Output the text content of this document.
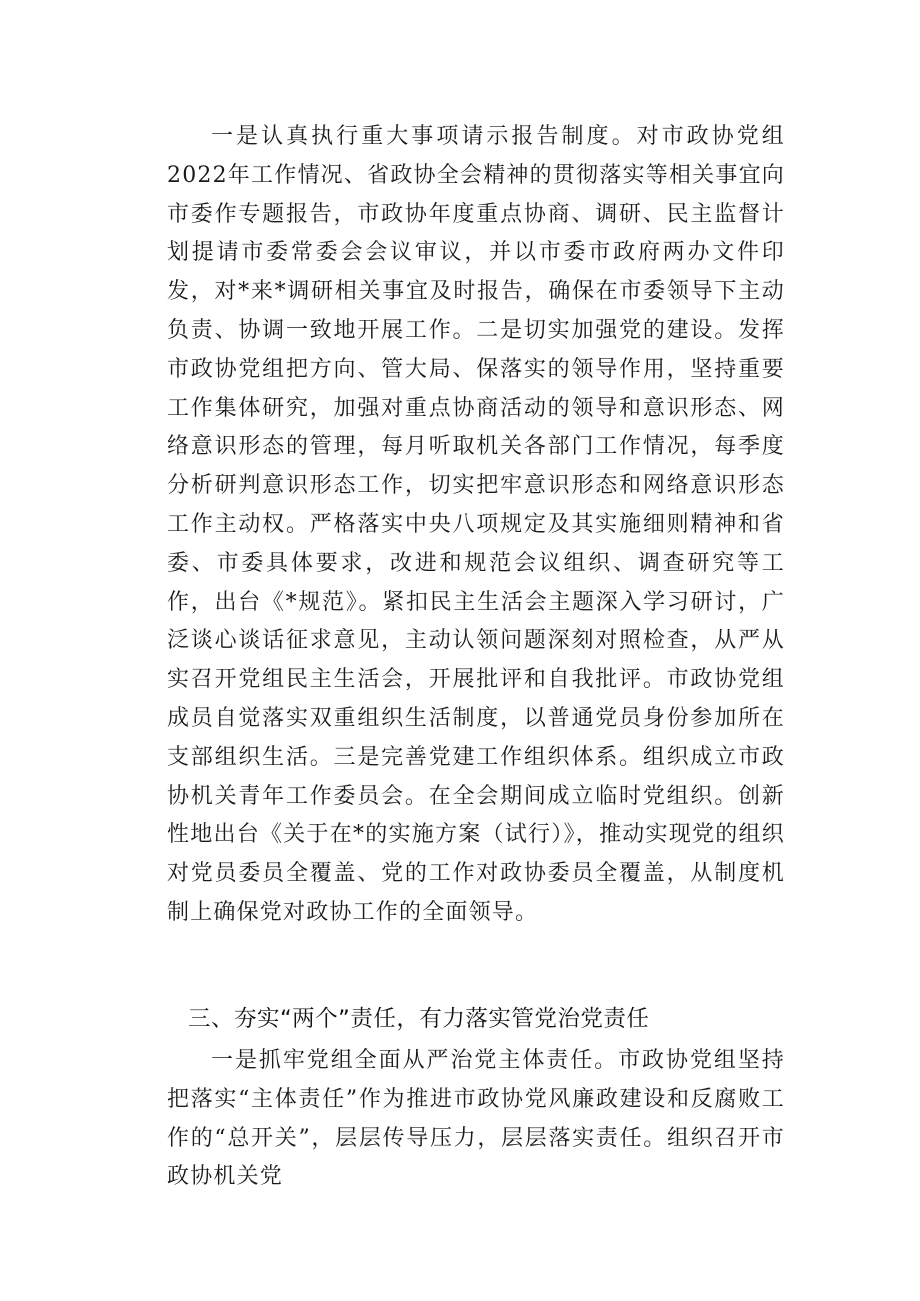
一是认真执行重大事项请示报告制度。对市政协党组2022年工作情况、省政协全会精神的贯彻落实等相关事宜向市委作专题报告，市政协年度重点协商、调研、民主监督计划提请市委常委会会议审议，并以市委市政府两办文件印发，对*来*调研相关事宜及时报告，确保在市委领导下主动负责、协调一致地开展工作。二是切实加强党的建设。发挥市政协党组把方向、管大局、保落实的领导作用，坚持重要工作集体研究，加强对重点协商活动的领导和意识形态、网络意识形态的管理，每月听取机关各部门工作情况，每季度分析研判意识形态工作，切实把牢意识形态和网络意识形态工作主动权。严格落实中央八项规定及其实施细则精神和省委、市委具体要求，改进和规范会议组织、调查研究等工作，出台《*规范》。紧扣民主生活会主题深入学习研讨，广泛谈心谈话征求意见，主动认领问题深刻对照检查，从严从实召开党组民主生活会，开展批评和自我批评。市政协党组成员自觉落实双重组织生活制度，以普通党员身份参加所在支部组织生活。三是完善党建工作组织体系。组织成立市政协机关青年工作委员会。在全会期间成立临时党组织。创新性地出台《关于在*的实施方案（试行）》，推动实现党的组织对党员委员全覆盖、党的工作对政协委员全覆盖，从制度机制上确保党对政协工作的全面领导。

三、夯实“两个”责任，有力落实管党治党责任

一是抓牢党组全面从严治党主体责任。市政协党组坚持把落实“主体责任”作为推进市政协党风廉政建设和反腐败工作的“总开关”，层层传导压力，层层落实责任。组织召开市政协机关党
